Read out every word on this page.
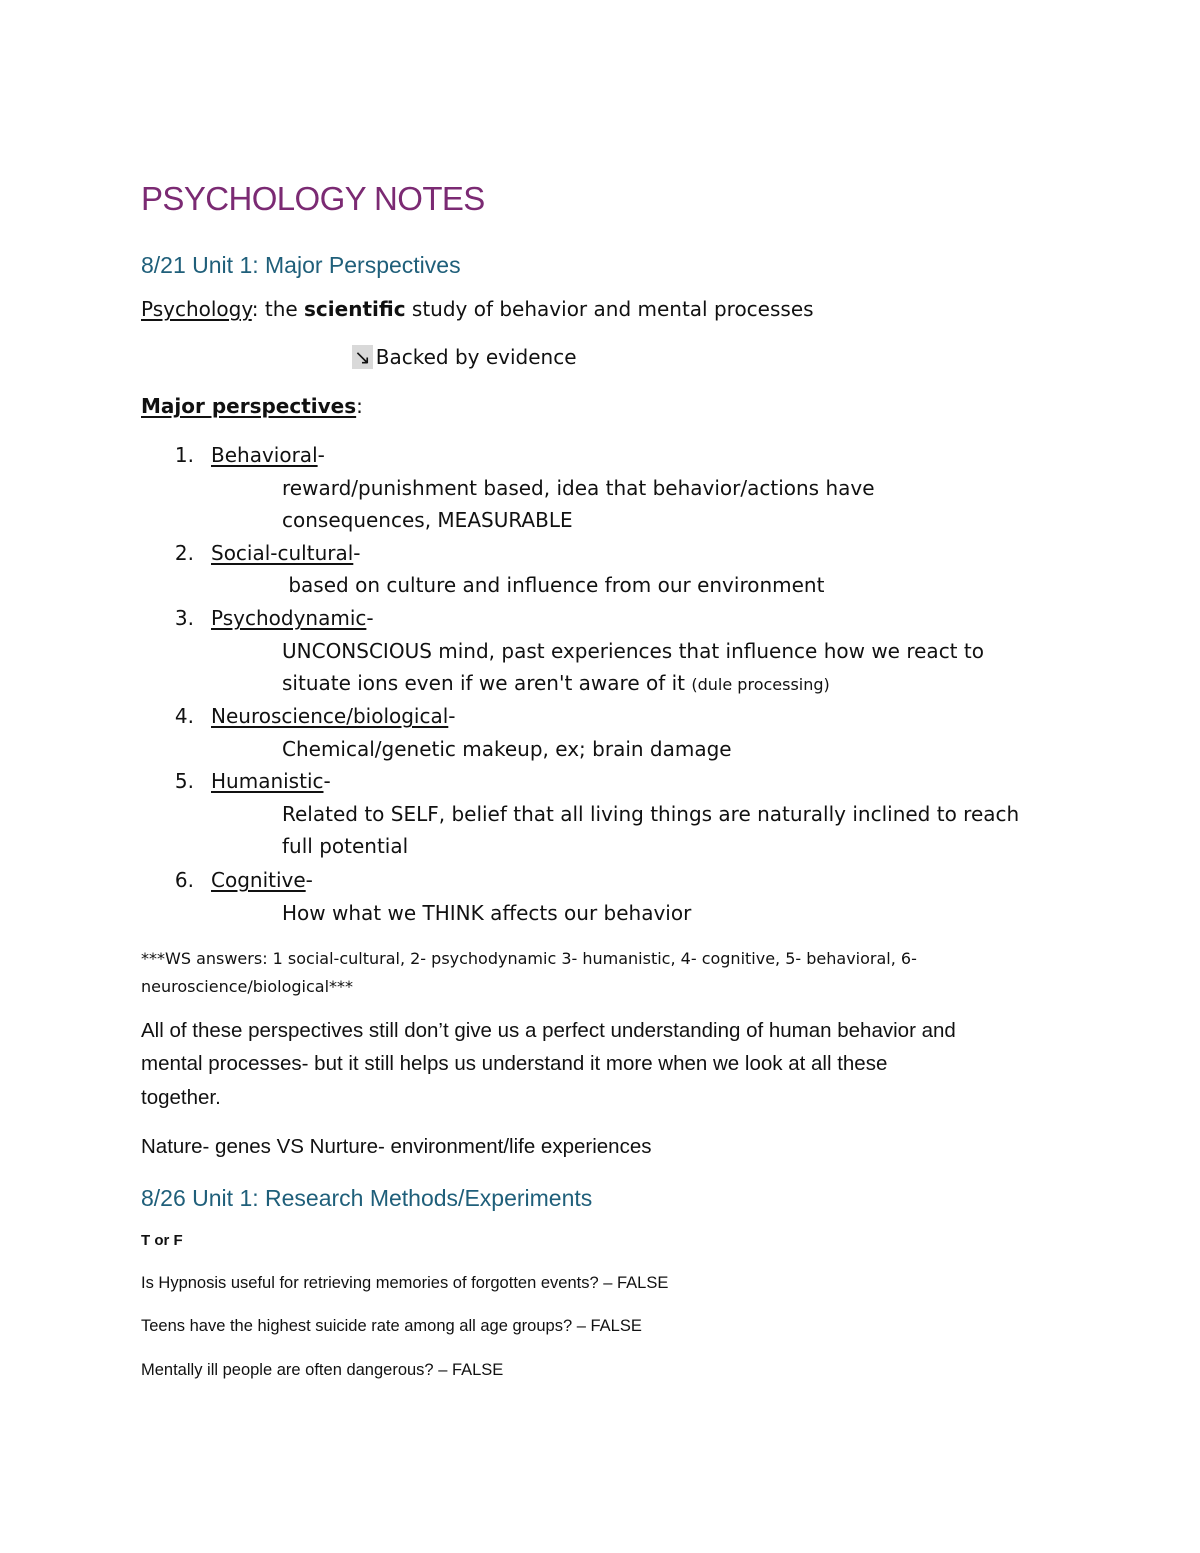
PSYCHOLOGY NOTES
8/21 Unit 1: Major Perspectives
Psychology: the scientific study of behavior and mental processes
↘ Backed by evidence
Major perspectives:
1. Behavioral-
reward/punishment based, idea that behavior/actions have
consequences, MEASURABLE
2. Social-cultural-
based on culture and influence from our environment
3. Psychodynamic-
UNCONSCIOUS mind, past experiences that influence how we react to
situate ions even if we aren't aware of it (dule processing)
4. Neuroscience/biological-
Chemical/genetic makeup, ex; brain damage
5. Humanistic-
Related to SELF, belief that all living things are naturally inclined to reach
full potential
6. Cognitive-
How what we THINK affects our behavior
***WS answers: 1 social-cultural, 2- psychodynamic 3- humanistic, 4- cognitive, 5- behavioral, 6-
neuroscience/biological***
All of these perspectives still don’t give us a perfect understanding of human behavior and
mental processes- but it still helps us understand it more when we look at all these
together.
Nature- genes VS Nurture- environment/life experiences
8/26 Unit 1: Research Methods/Experiments
T or F
Is Hypnosis useful for retrieving memories of forgotten events? – FALSE
Teens have the highest suicide rate among all age groups? – FALSE
Mentally ill people are often dangerous? – FALSE
